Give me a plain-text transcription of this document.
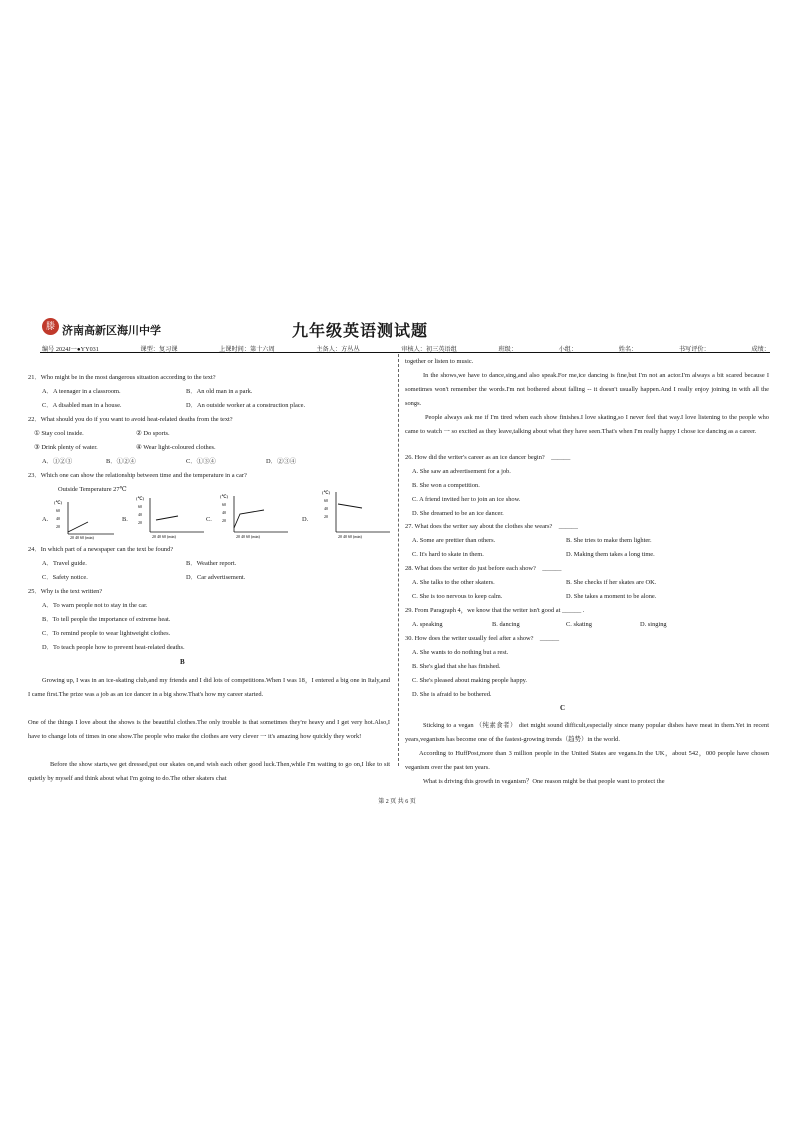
滕 济南高新区海川中学	九年级英语测试题
编号 2024J一●YY031	课型：复习课	上课时间：第十六周	主备人：方丛丛	审核人：初三英语组	班级：	小组：	姓名：	书写评价：	成绩：
21．Who might be in the most dangerous situation according to the text?
A．A teenager in a classroom.	B．An old man in a park.
C．A disabled man in a house.	D．An outside worker at a construction place.
22．What should you do if you want to avoid heat-related deaths from the text?
① Stay cool inside.	② Do sports.
③ Drink plenty of water.	④ Wear light-coloured clothes.
A．①②③	B．①②④	C．①③④	D．②③④
23．Which one can show the relationship between time and the temperature in a car?
Outside Temperature 27℃
A.
(℃)
60
40
20
20 40 60 (min)
B.
(℃)
60
40
20
20 40 60 (min)
C.
(℃)
60
40
20
20 40 60 (min)
D.
(℃)
60
40
20
20 40 60 (min)
24．In which part of a newspaper can the text be found?
A．Travel guide.	B．Weather report.
C．Safety notice.	D．Car advertisement.
25．Why is the text written?
A．To warn people not to stay in the car.
B．To tell people the importance of extreme heat.
C．To remind people to wear lightweight clothes.
D．To teach people how to prevent heat-related deaths.
B
Growing up, I was in an ice-skating club,and my friends and I did lots of competitions.When I was 18，I entered a big one in Italy,and I came first.The prize was a job as an ice dancer in a big show.That's how my career started.
One of the things I love about the shows is the beautiful clothes.The only trouble is that sometimes they're heavy and I get very hot.Also,I have to change lots of times in one show.The people who make the clothes are very clever 一 it's amazing how quickly they work!
Before the show starts,we get dressed,put our skates on,and wish each other good luck.Then,while I'm waiting to go on,I like to sit quietly by myself and think about what I'm going to do.The other skaters chat
together or listen to music.
In the shows,we have to dance,sing,and also speak.For me,ice dancing is fine,but I'm not an actor.I'm always a bit scared because I sometimes won't remember the words.I'm not bothered about falling -- it doesn't usually happen.And I really enjoy joining in with all the songs.
People always ask me if I'm tired when each show finishes.I love skating,so I never feel that way.I love listening to the people who came to watch 一 so excited as they leave,talking about what they have seen.That's when I'm really happy I chose ice dancing as a career.
26. How did the writer's career as an ice dancer begin?　______
A. She saw an advertisement for a job.
B. She won a competition.
C. A friend invited her to join an ice show.
D. She dreamed to be an ice dancer.
27. What does the writer say about the clothes she wears?　______
A. Some are prettier than others.	B. She tries to make them lighter.
C. It's hard to skate in them.	D. Making them takes a long time.
28. What does the writer do just before each show?　______
A. She talks to the other skaters.	B. She checks if her skates are OK.
C. She is too nervous to keep calm.	D. She takes a moment to be alone.
29. From Paragraph 4，we know that the writer isn't good at ______ .
A. speaking	B. dancing	C. skating	D. singing
30. How does the writer usually feel after a show?　______
A. She wants to do nothing but a rest.
B. She's glad that she has finished.
C. She's pleased about making people happy.
D. She is afraid to be bothered.
C
Sticking to a vegan （纯素食者） diet might sound difficult,especially since many popular dishes have meat in them.Yet in recent years,veganism has become one of the fastest-growing trends（趋势）in the world.
According to HuffPost,more than 3 million people in the United States are vegans.In the UK，about 542，000 people have chosen veganism over the past ten years.
What is driving this growth in veganism？One reason might be that people want to protect the
第 2 页 共 6 页
